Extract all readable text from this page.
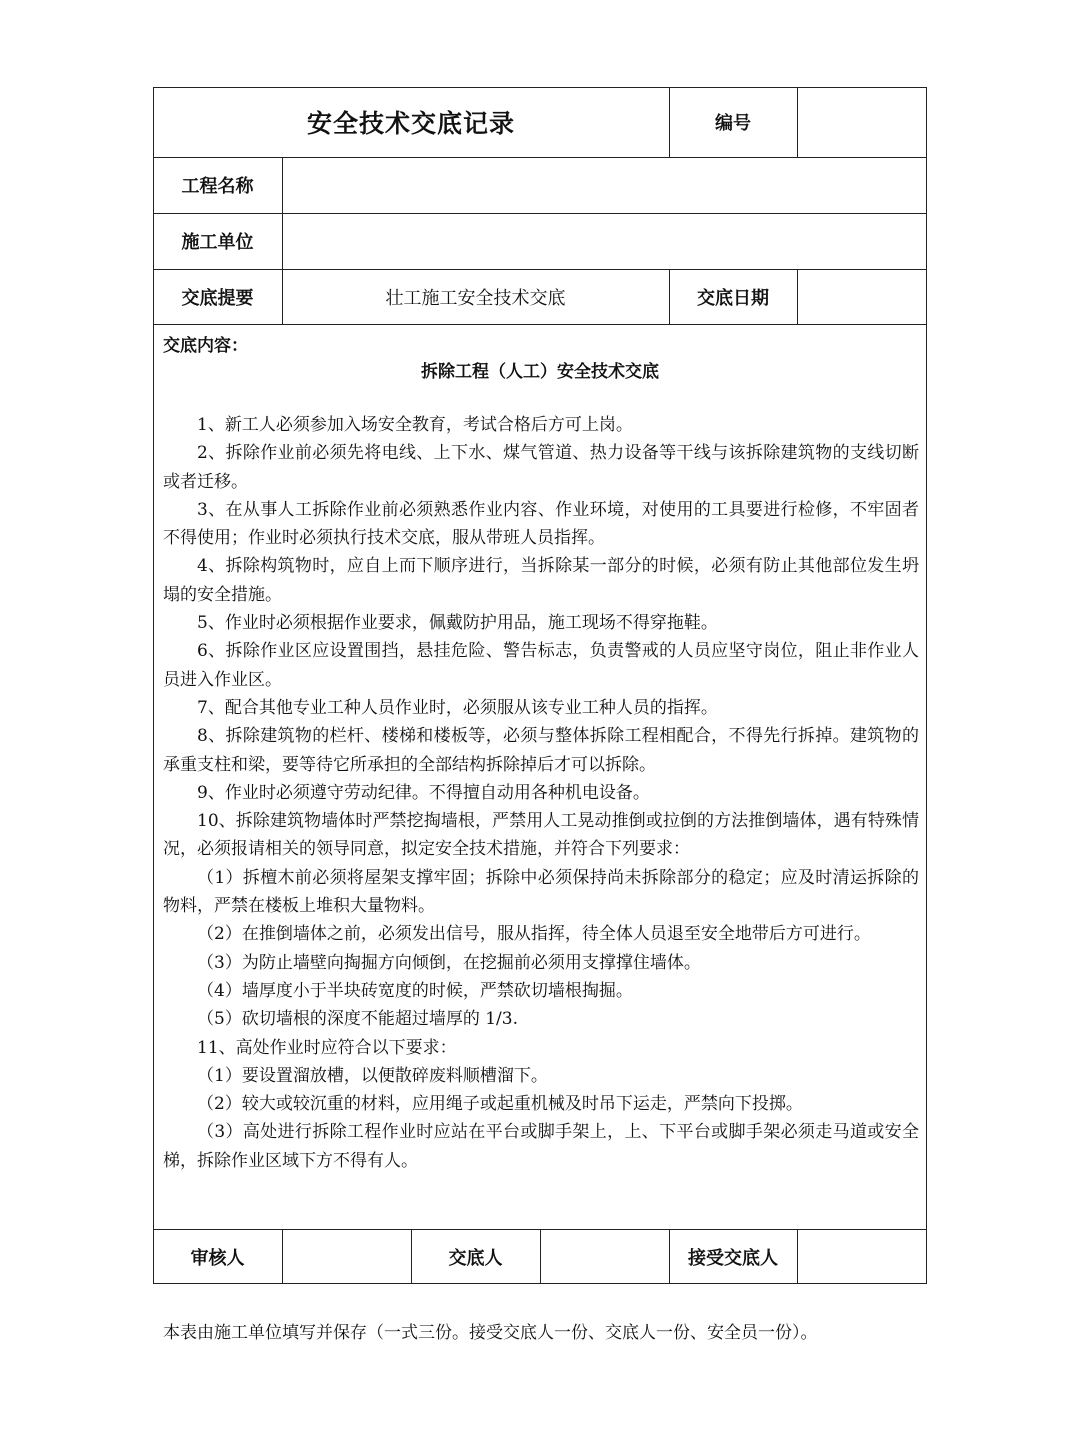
安全技术交底记录	编号
工程名称
施工单位
交底提要	壮工施工安全技术交底	交底日期
交底内容：
拆除工程（人工）安全技术交底

1、新工人必须参加入场安全教育，考试合格后方可上岗。

2、拆除作业前必须先将电线、上下水、煤气管道、热力设备等干线与该拆除建筑物的支线切断或者迁移。

3、在从事人工拆除作业前必须熟悉作业内容、作业环境，对使用的工具要进行检修，不牢固者不得使用；作业时必须执行技术交底，服从带班人员指挥。

4、拆除构筑物时，应自上而下顺序进行，当拆除某一部分的时候，必须有防止其他部位发生坍塌的安全措施。

5、作业时必须根据作业要求，佩戴防护用品，施工现场不得穿拖鞋。

6、拆除作业区应设置围挡，悬挂危险、警告标志，负责警戒的人员应坚守岗位，阻止非作业人员进入作业区。

7、配合其他专业工种人员作业时，必须服从该专业工种人员的指挥。

8、拆除建筑物的栏杆、楼梯和楼板等，必须与整体拆除工程相配合，不得先行拆掉。建筑物的承重支柱和梁，要等待它所承担的全部结构拆除掉后才可以拆除。

9、作业时必须遵守劳动纪律。不得擅自动用各种机电设备。

10、拆除建筑物墙体时严禁挖掏墙根，严禁用人工晃动推倒或拉倒的方法推倒墙体，遇有特殊情况，必须报请相关的领导同意，拟定安全技术措施，并符合下列要求：

（1）拆檀木前必须将屋架支撑牢固；拆除中必须保持尚未拆除部分的稳定；应及时清运拆除的物料，严禁在楼板上堆积大量物料。

（2）在推倒墙体之前，必须发出信号，服从指挥，待全体人员退至安全地带后方可进行。

（3）为防止墙壁向掏掘方向倾倒，在挖掘前必须用支撑撑住墙体。

（4）墙厚度小于半块砖宽度的时候，严禁砍切墙根掏掘。

（5）砍切墙根的深度不能超过墙厚的 1/3.

11、高处作业时应符合以下要求：

（1）要设置溜放槽，以便散碎废料顺槽溜下。

（2）较大或较沉重的材料，应用绳子或起重机械及时吊下运走，严禁向下投掷。

（3）高处进行拆除工程作业时应站在平台或脚手架上，上、下平台或脚手架必须走马道或安全梯，拆除作业区域下方不得有人。

审核人	交底人	接受交底人
本表由施工单位填写并保存（一式三份。接受交底人一份、交底人一份、安全员一份）。
